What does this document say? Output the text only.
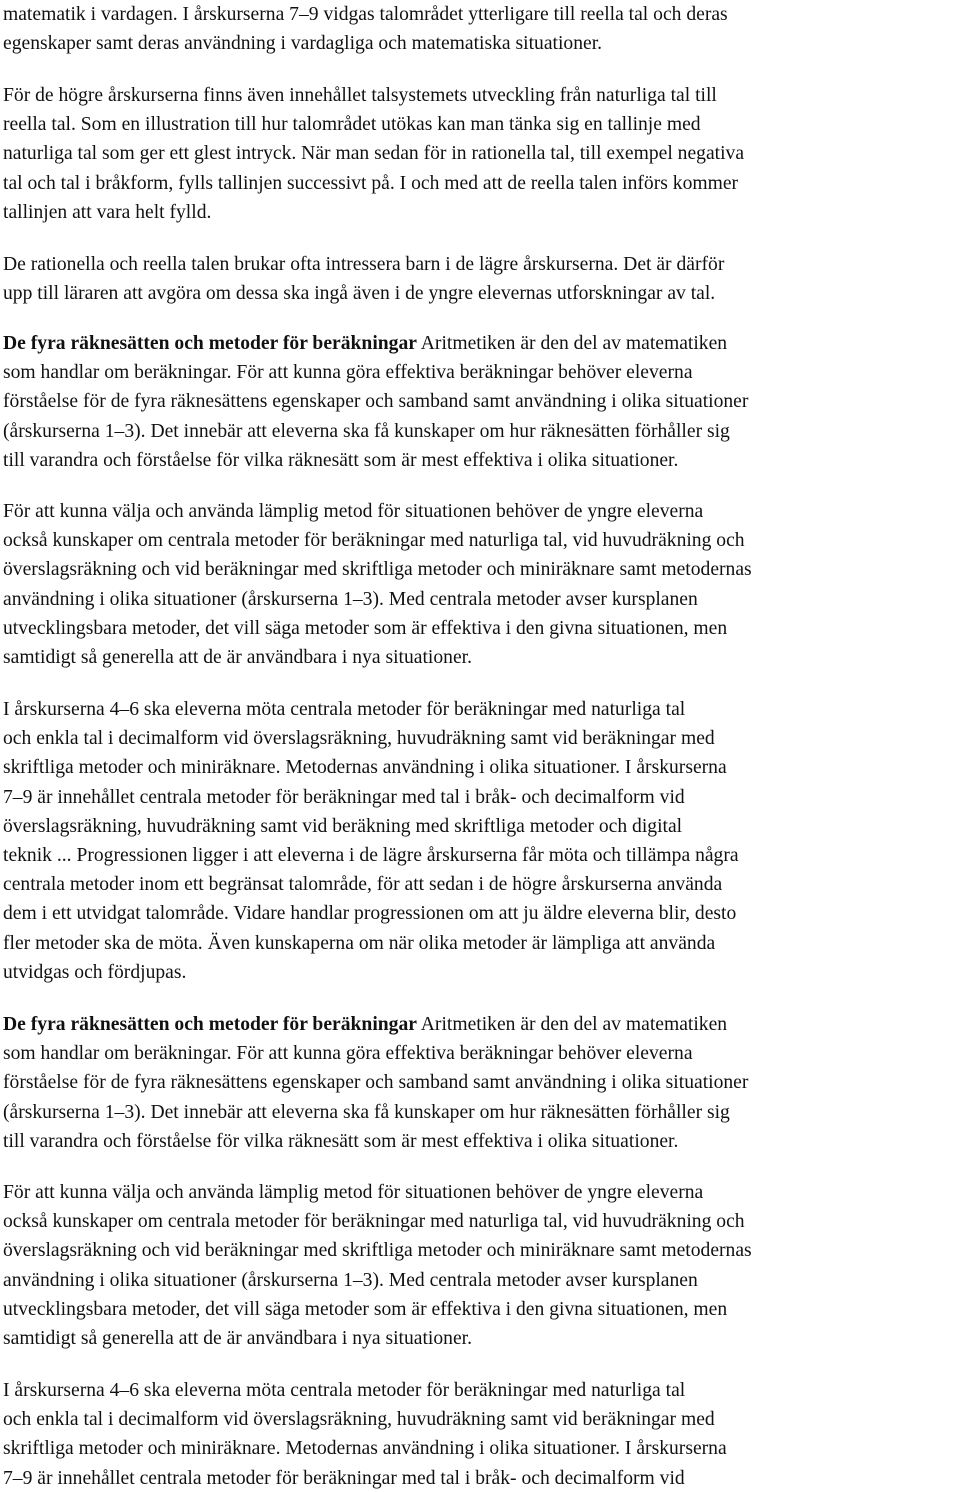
matematik i vardagen. I årskurserna 7–9 vidgas talområdet ytterligare till reella tal och deras
egenskaper samt deras användning i vardagliga och matematiska situationer.

För de högre årskurserna finns även innehållet talsystemets utveckling från naturliga tal till
reella tal. Som en illustration till hur talområdet utökas kan man tänka sig en tallinje med
naturliga tal som ger ett glest intryck. När man sedan för in rationella tal, till exempel negativa
tal och tal i bråkform, fylls tallinjen successivt på. I och med att de reella talen införs kommer
tallinjen att vara helt fylld.

De rationella och reella talen brukar ofta intressera barn i de lägre årskurserna. Det är därför
upp till läraren att avgöra om dessa ska ingå även i de yngre elevernas utforskningar av tal.

De fyra räknesätten och metoder för beräkningar Aritmetiken är den del av matematiken
som handlar om beräkningar. För att kunna göra effektiva beräkningar behöver eleverna
förståelse för de fyra räknesättens egenskaper och samband samt användning i olika situationer
(årskurserna 1–3). Det innebär att eleverna ska få kunskaper om hur räknesätten förhåller sig
till varandra och förståelse för vilka räknesätt som är mest effektiva i olika situationer.

För att kunna välja och använda lämplig metod för situationen behöver de yngre eleverna
också kunskaper om centrala metoder för beräkningar med naturliga tal, vid huvudräkning och
överslagsräkning och vid beräkningar med skriftliga metoder och miniräknare samt metodernas
användning i olika situationer (årskurserna 1–3). Med centrala metoder avser kursplanen
utvecklingsbara metoder, det vill säga metoder som är effektiva i den givna situationen, men
samtidigt så generella att de är användbara i nya situationer.

I årskurserna 4–6 ska eleverna möta centrala metoder för beräkningar med naturliga tal
och enkla tal i decimalform vid överslagsräkning, huvudräkning samt vid beräkningar med
skriftliga metoder och miniräknare. Metodernas användning i olika situationer. I årskurserna
7–9 är innehållet centrala metoder för beräkningar med tal i bråk- och decimalform vid
överslagsräkning, huvudräkning samt vid beräkning med skriftliga metoder och digital
teknik ... Progressionen ligger i att eleverna i de lägre årskurserna får möta och tillämpa några
centrala metoder inom ett begränsat talområde, för att sedan i de högre årskurserna använda
dem i ett utvidgat talområde. Vidare handlar progressionen om att ju äldre eleverna blir, desto
fler metoder ska de möta. Även kunskaperna om när olika metoder är lämpliga att använda
utvidgas och fördjupas.

De fyra räknesätten och metoder för beräkningar Aritmetiken är den del av matematiken
som handlar om beräkningar. För att kunna göra effektiva beräkningar behöver eleverna
förståelse för de fyra räknesättens egenskaper och samband samt användning i olika situationer
(årskurserna 1–3). Det innebär att eleverna ska få kunskaper om hur räknesätten förhåller sig
till varandra och förståelse för vilka räknesätt som är mest effektiva i olika situationer.

För att kunna välja och använda lämplig metod för situationen behöver de yngre eleverna
också kunskaper om centrala metoder för beräkningar med naturliga tal, vid huvudräkning och
överslagsräkning och vid beräkningar med skriftliga metoder och miniräknare samt metodernas
användning i olika situationer (årskurserna 1–3). Med centrala metoder avser kursplanen
utvecklingsbara metoder, det vill säga metoder som är effektiva i den givna situationen, men
samtidigt så generella att de är användbara i nya situationer.

I årskurserna 4–6 ska eleverna möta centrala metoder för beräkningar med naturliga tal
och enkla tal i decimalform vid överslagsräkning, huvudräkning samt vid beräkningar med
skriftliga metoder och miniräknare. Metodernas användning i olika situationer. I årskurserna
7–9 är innehållet centrala metoder för beräkningar med tal i bråk- och decimalform vid
